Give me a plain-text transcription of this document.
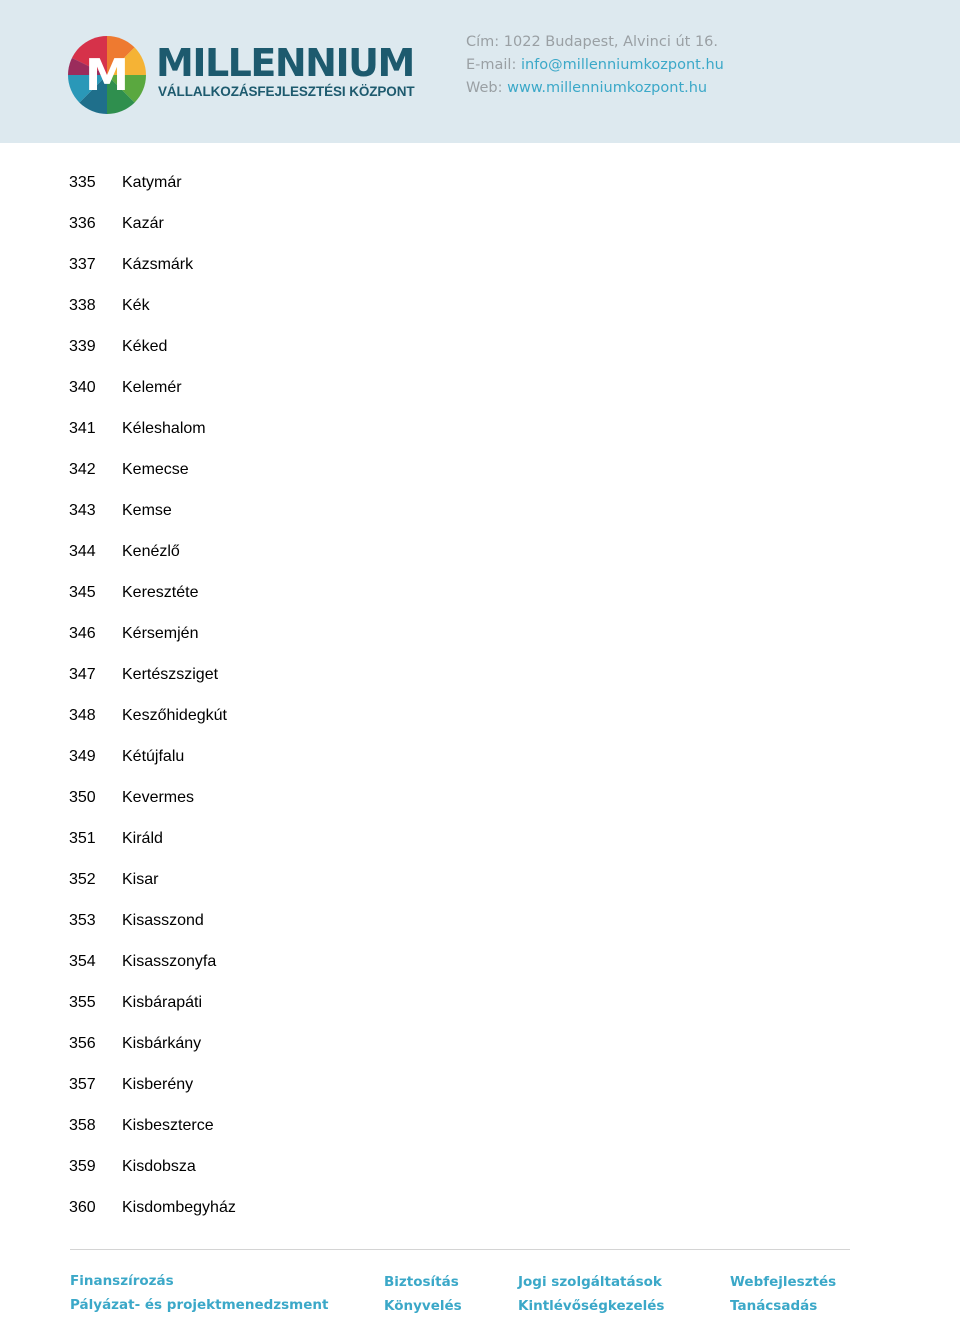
M MILLENNIUM
VÁLLALKOZÁSFEJLESZTÉSI KÖZPONT
Cím: 1022 Budapest, Alvinci út 16.
E-mail: info@millenniumkozpont.hu
Web: www.millenniumkozpont.hu
335 Katymár
336 Kazár
337 Kázsmárk
338 Kék
339 Kéked
340 Kelemér
341 Kéleshalom
342 Kemecse
343 Kemse
344 Kenézlő
345 Keresztéte
346 Kérsemjén
347 Kertészsziget
348 Keszőhidegkút
349 Kétújfalu
350 Kevermes
351 Királd
352 Kisar
353 Kisasszond
354 Kisasszonyfa
355 Kisbárapáti
356 Kisbárkány
357 Kisberény
358 Kisbeszterce
359 Kisdobsza
360 Kisdombegyház
Finanszírozás
Pályázat- és projektmenedzsment
Biztosítás
Könyvelés
Jogi szolgáltatások
Kintlévőségkezelés
Webfejlesztés
Tanácsadás
